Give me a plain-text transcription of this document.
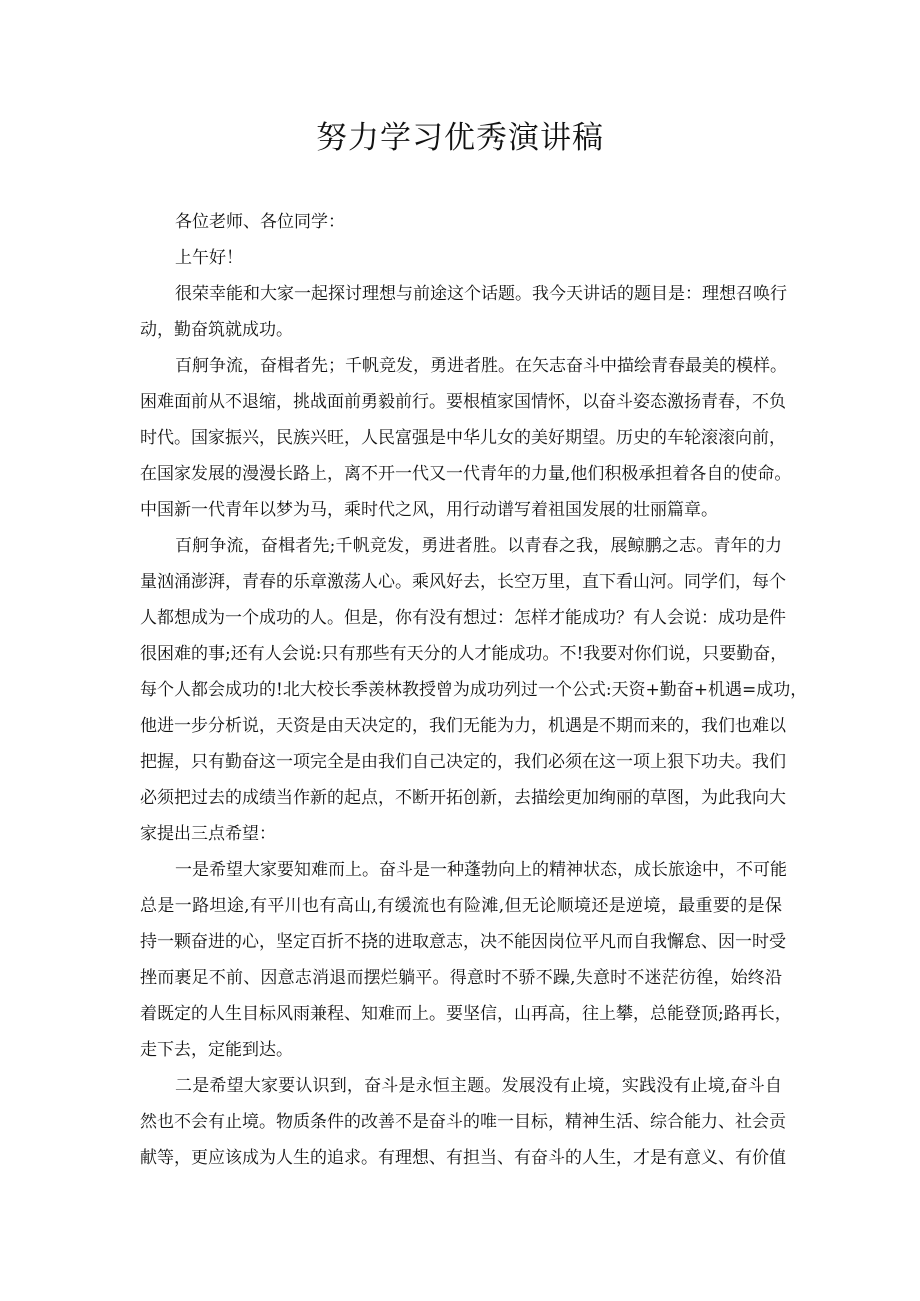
努力学习优秀演讲稿
各位老师、各位同学：
上午好！
很荣幸能和大家一起探讨理想与前途这个话题。我今天讲话的题目是：理想召唤行
动，勤奋筑就成功。
百舸争流，奋楫者先；千帆竞发，勇进者胜。在矢志奋斗中描绘青春最美的模样。
困难面前从不退缩，挑战面前勇毅前行。要根植家国情怀，以奋斗姿态激扬青春，不负
时代。国家振兴，民族兴旺，人民富强是中华儿女的美好期望。历史的车轮滚滚向前，
在国家发展的漫漫长路上，离不开一代又一代青年的力量,他们积极承担着各自的使命。
中国新一代青年以梦为马，乘时代之风，用行动谱写着祖国发展的壮丽篇章。
百舸争流，奋楫者先;千帆竞发，勇进者胜。以青春之我，展鲸鹏之志。青年的力
量汹涌澎湃，青春的乐章激荡人心。乘风好去，长空万里，直下看山河。同学们，每个
人都想成为一个成功的人。但是，你有没有想过：怎样才能成功？有人会说：成功是件
很困难的事;还有人会说:只有那些有天分的人才能成功。不!我要对你们说，只要勤奋，
每个人都会成功的!北大校长季羡林教授曾为成功列过一个公式:天资+勤奋+机遇=成功，
他进一步分析说，天资是由天决定的，我们无能为力，机遇是不期而来的，我们也难以
把握，只有勤奋这一项完全是由我们自己决定的，我们必须在这一项上狠下功夫。我们
必须把过去的成绩当作新的起点，不断开拓创新，去描绘更加绚丽的草图，为此我向大
家提出三点希望：
一是希望大家要知难而上。奋斗是一种蓬勃向上的精神状态，成长旅途中，不可能
总是一路坦途,有平川也有高山,有缓流也有险滩,但无论顺境还是逆境，最重要的是保
持一颗奋进的心，坚定百折不挠的进取意志，决不能因岗位平凡而自我懈怠、因一时受
挫而裹足不前、因意志消退而摆烂躺平。得意时不骄不躁,失意时不迷茫彷徨，始终沿
着既定的人生目标风雨兼程、知难而上。要坚信，山再高，往上攀，总能登顶;路再长，
走下去，定能到达。
二是希望大家要认识到，奋斗是永恒主题。发展没有止境，实践没有止境,奋斗自
然也不会有止境。物质条件的改善不是奋斗的唯一目标，精神生活、综合能力、社会贡
献等，更应该成为人生的追求。有理想、有担当、有奋斗的人生，才是有意义、有价值
